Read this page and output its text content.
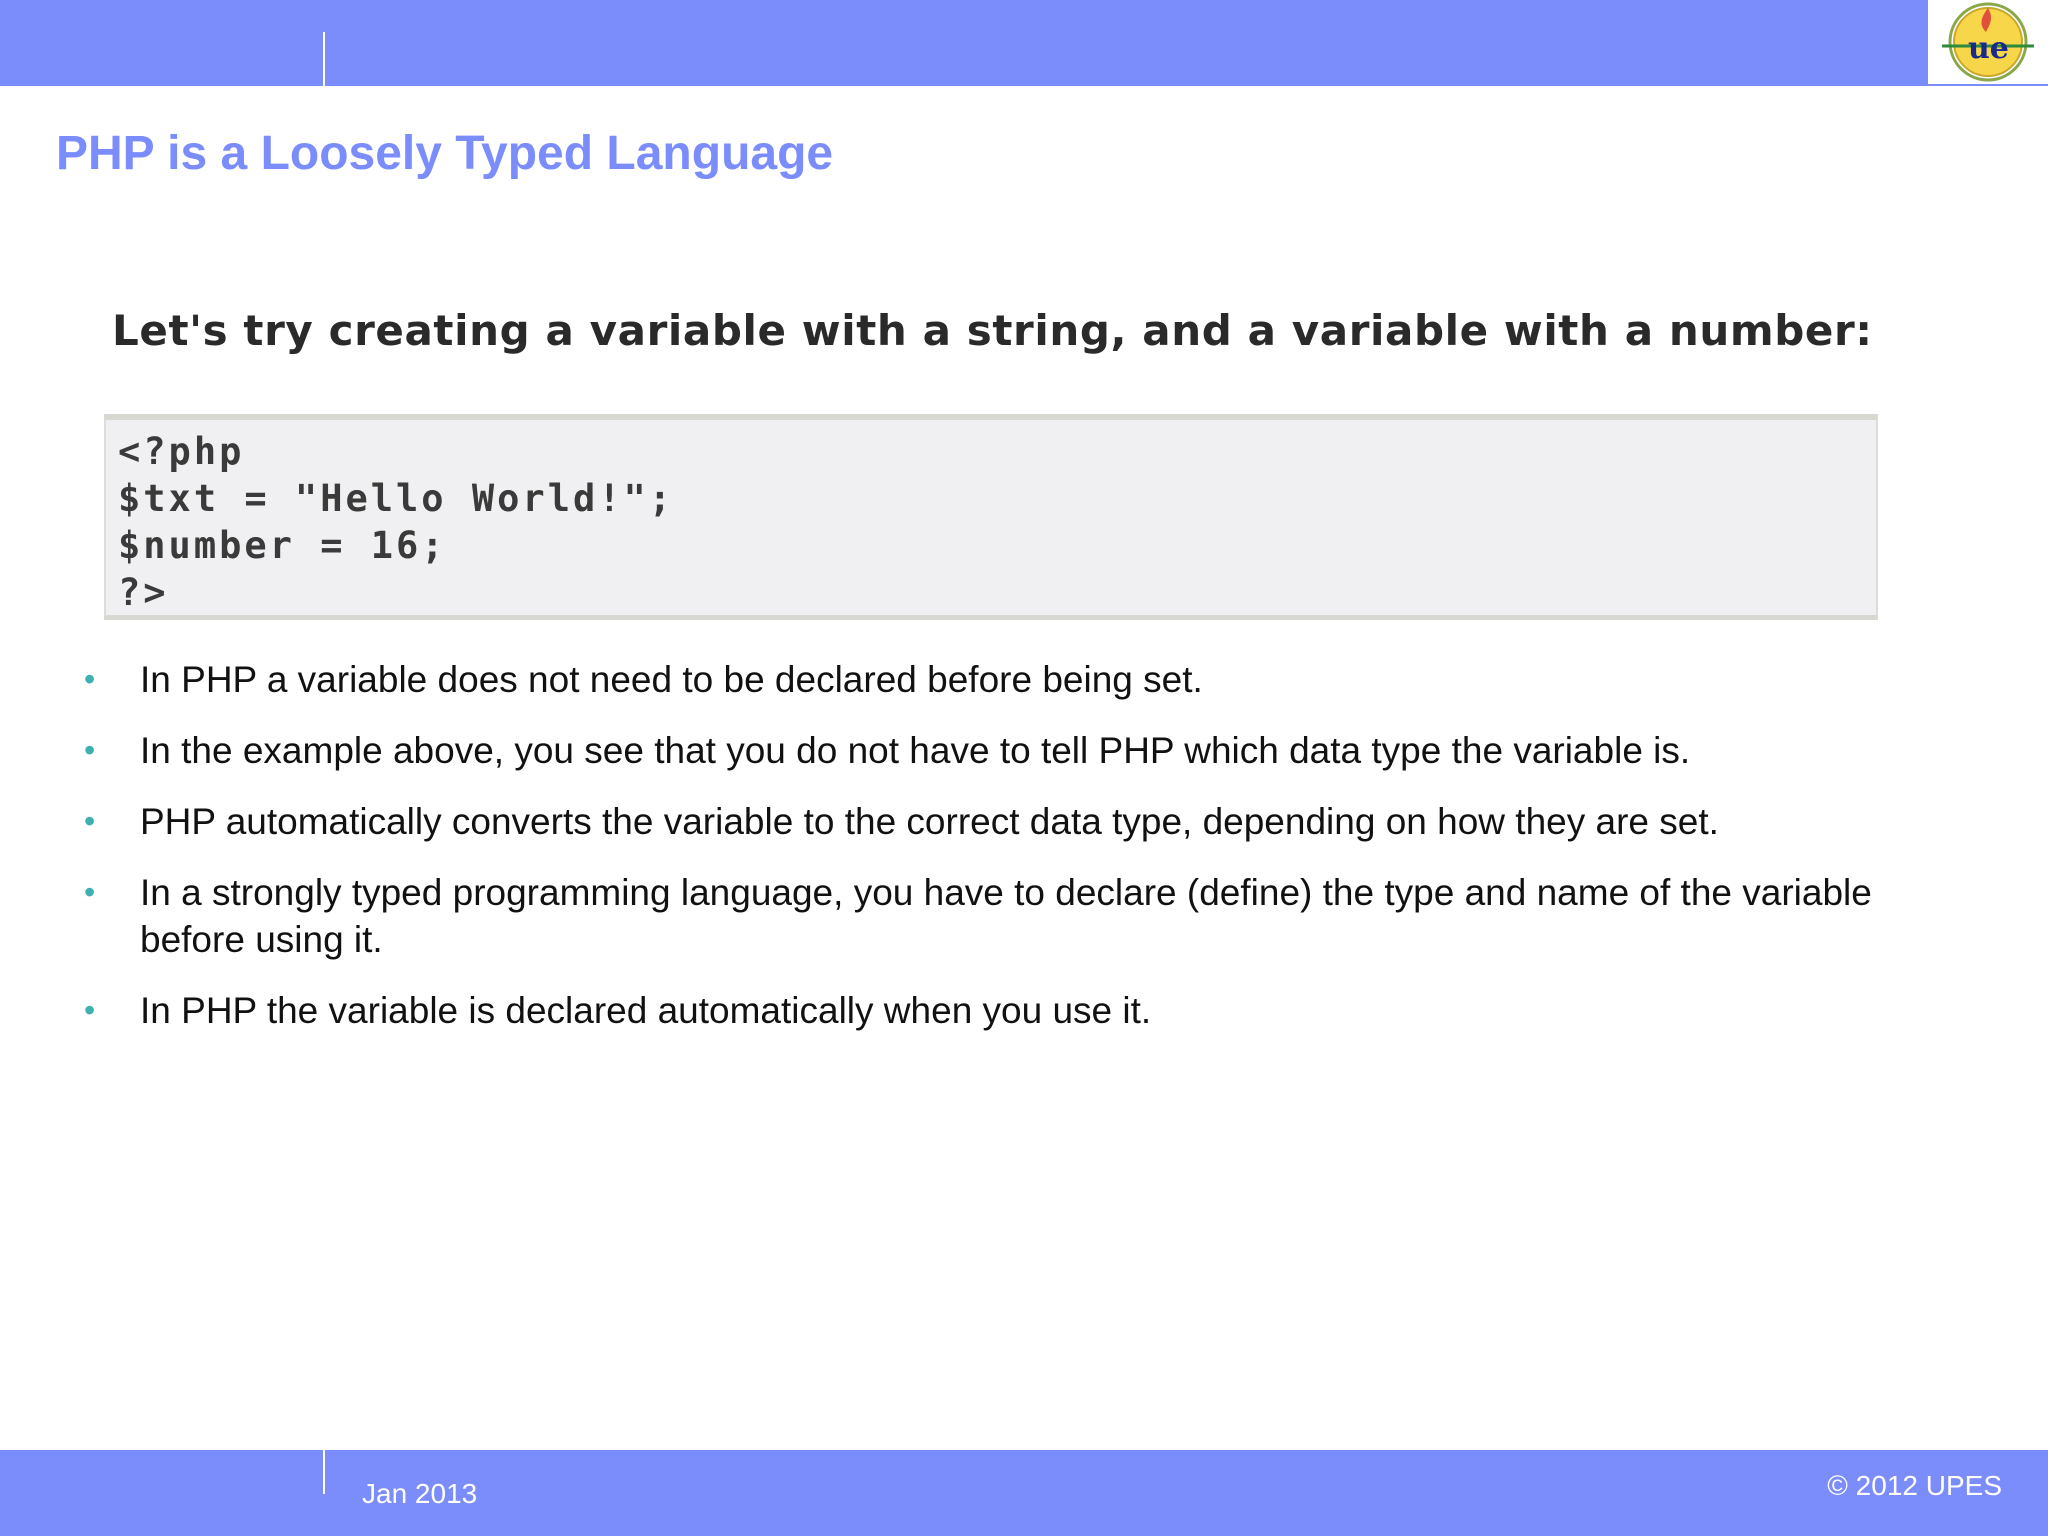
ue
PHP is a Loosely Typed Language
Let's try creating a variable with a string, and a variable with a number:
<?php
$txt = "Hello World!";
$number = 16;
?>
• In PHP a variable does not need to be declared before being set.
• In the example above, you see that you do not have to tell PHP which data type the variable is.
• PHP automatically converts the variable to the correct data type, depending on how they are set.
• In a strongly typed programming language, you have to declare (define) the type and name of the variable before using it.
• In PHP the variable is declared automatically when you use it.
Jan 2013	© 2012 UPES
